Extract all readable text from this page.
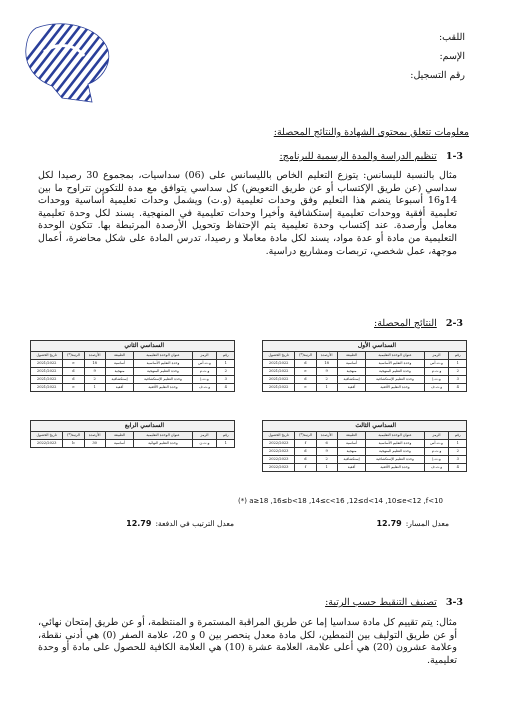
اللقب:
الإسم:
رقم التسجيل:
معلومات تتعلق بمحتوى الشهادة والنتائج المحصلة:
1-3 تنظيم الدراسة والمدة الرسمية للبرنامج:
مثال بالنسبة لليسانس: يتوزع التعليم الخاص بالليسانس على (06) سداسيات، بمجموع 30 رصيدا لكل سداسي (عن طريق الإكتساب أو عن طريق التعويض) كل سداسي يتوافق مع مدة للتكوين تتراوح ما بين 14و16 أسبوعا ينضم هذا التعليم وفق وحدات تعليمية (و.ت) ويشمل وحدات تعليمية أساسية ووحدات تعليمية أفقية ووحدات تعليمية إستكشافية وأخيرا وحدات تعليمية في المنهجية. يسند لكل وحدة تعليمية معامل وأرصدة. عند إكتساب وحدة تعليمية يتم الإحتفاظ وتحويل الأرصدة المرتبطة بها. تتكون الوحدة التعليمية من مادة أو عدة مواد، يسند لكل مادة معاملا و رصيدا، تدرس المادة على شكل محاضرة، أعمال موجهة، عمل شخصي، تربصات ومشاريع دراسية.
2-3 النتائج المحصلة:
السداسي الأول
رقم	الرمز	عنوان الوحدة التعليمية	الطبيعة	الأرصدة	الرتبة(*)	تاريخ الحصول
1	و.ت.أس	وحدة التعليم الأساسية	أساسية	18	d	2021/2022
2	و.ت.م	وحدة التعليم المنهجية	منهجية	9	e	2021/2022
3	و.ت.إ	وحدة التعليم الإستكشافية	إستكشافية	2	d	2021/2022
4	و.ت.ف	وحدة التعليم الأفقية	أفقية	1	e	2021/2022
السداسي الثاني
رقم	الرمز	عنوان الوحدة التعليمية	الطبيعة	الأرصدة	الرتبة(*)	تاريخ الحصول
1	و.ت.أس	وحدة التعليم الأساسية	أساسية	18	e	2021/2022
2	و.ت.م	وحدة التعليم المنهجية	منهجية	9	d	2021/2022
3	و.ت.إ	وحدة التعليم الإستكشافية	إستكشافية	2	d	2021/2022
4	و.ت.ف	وحدة التعليم الأفقية	أفقية	1	e	2021/2022
السداسي الثالث
رقم	الرمز	عنوان الوحدة التعليمية	الطبيعة	الأرصدة	الرتبة(*)	تاريخ الحصول
1	و.ت.أس	وحدة التعليم الأساسية	أساسية	6	f	2022/2023
2	و.ت.م	وحدة التعليم المنهجية	منهجية	9	d	2022/2023
3	و.ت.إ	وحدة التعليم الإستكشافية	إستكشافية	2	d	2022/2023
4	و.ت.ف	وحدة التعليم الأفقية	أفقية	1	f	2022/2023
السداسي الرابع
رقم	الرمز	عنوان الوحدة التعليمية	الطبيعة	الأرصدة	الرتبة(*)	تاريخ الحصول
1	و.ت.ن	وحدة التعليم النهائية	أساسية	30	b	2022/2023
(*) a≥18 ,16≤b<18 ,14≤c<16 ,12≤d<14 ,10≤e<12 ,f<10
معدل المسار:12.79
معدل الترتيب في الدفعة:12.79
3-3 تصنيف التنقيط حسب الرتبة:
مثال: يتم تقييم كل مادة سداسيا إما عن طريق المراقبة المستمرة و المنتظمة، أو عن طريق إمتحان نهائي، أو عن طريق التوليف بين النمطين، لكل مادة معدل ينحصر بين 0 و 20، علامة الصفر (0) هي أدنى نقطة، وعلامة عشرون (20) هي أعلى علامة، العلامة عشرة (10) هي العلامة الكافية للحصول على مادة أو وحدة تعليمية.
